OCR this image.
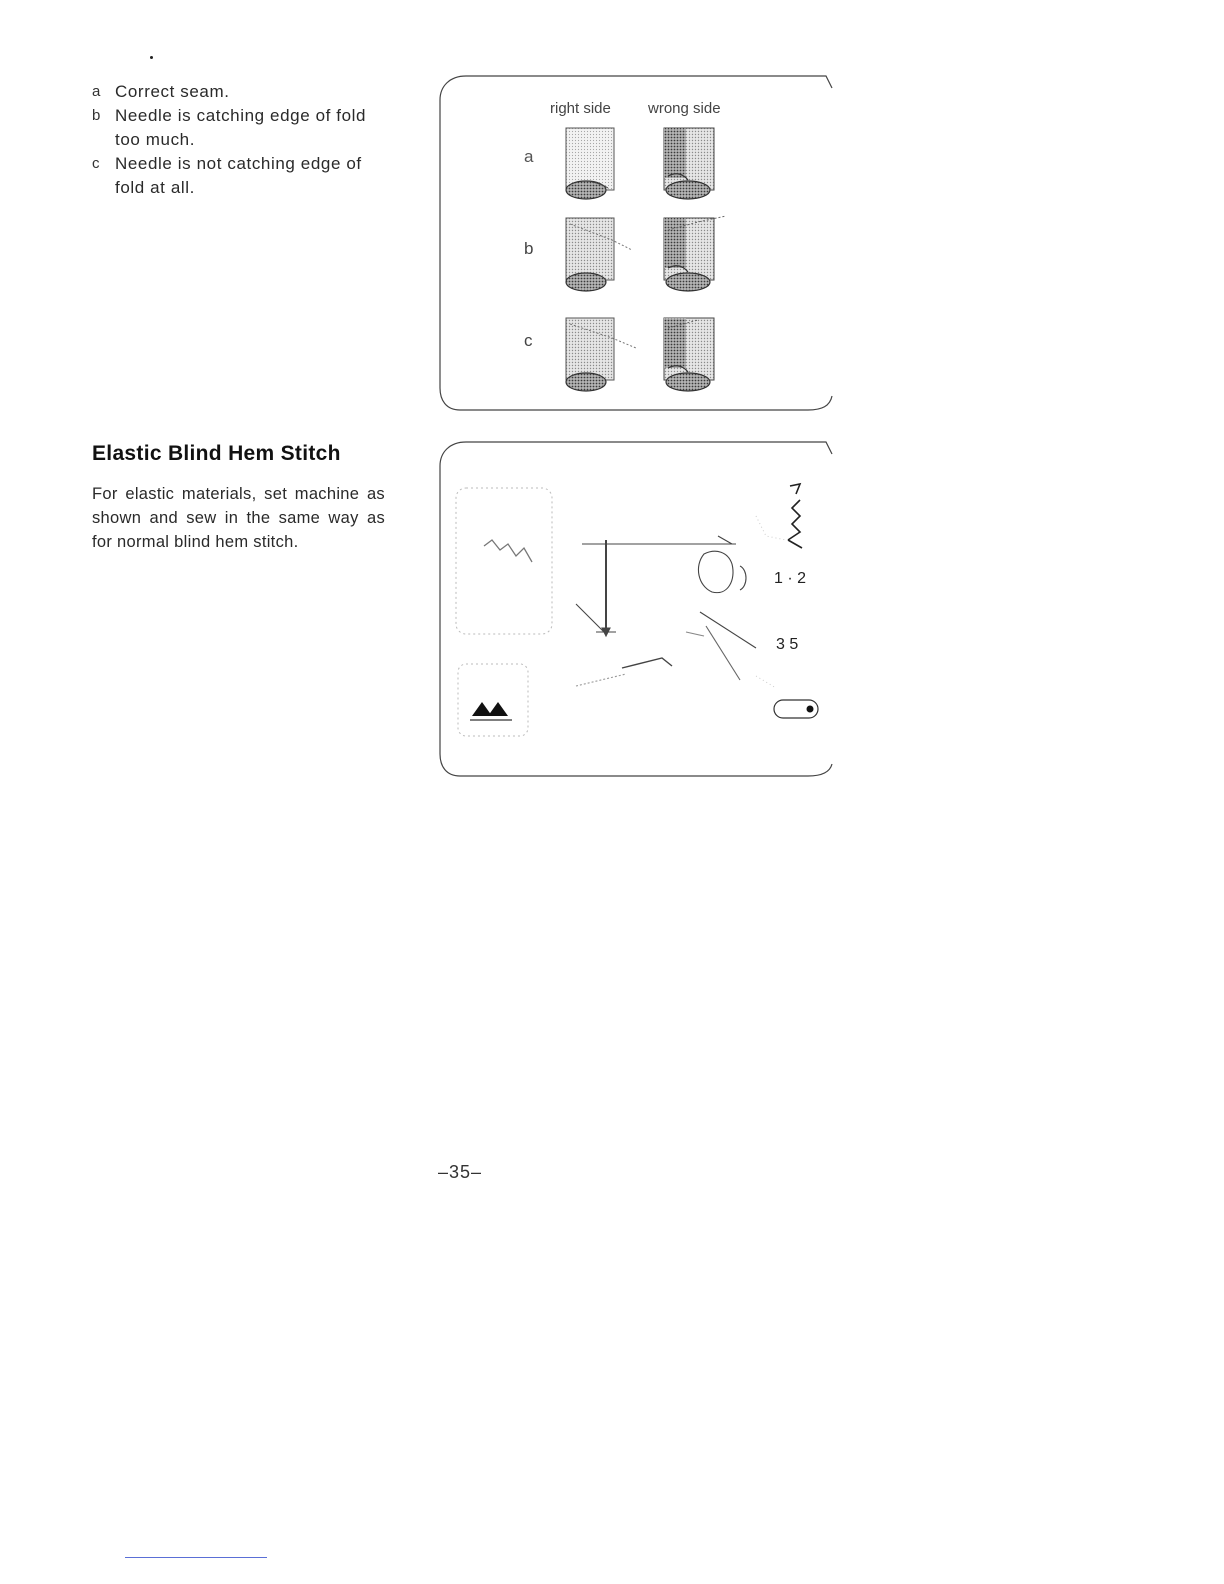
a Correct seam.
b Needle is catching edge of fold too much.
c Needle is not catching edge of fold at all.
Elastic Blind Hem Stitch
For elastic materials, set machine as shown and sew in the same way as for normal blind hem stitch.
right side wrong side
a
b
c
1 · 2
3 5
–35–
